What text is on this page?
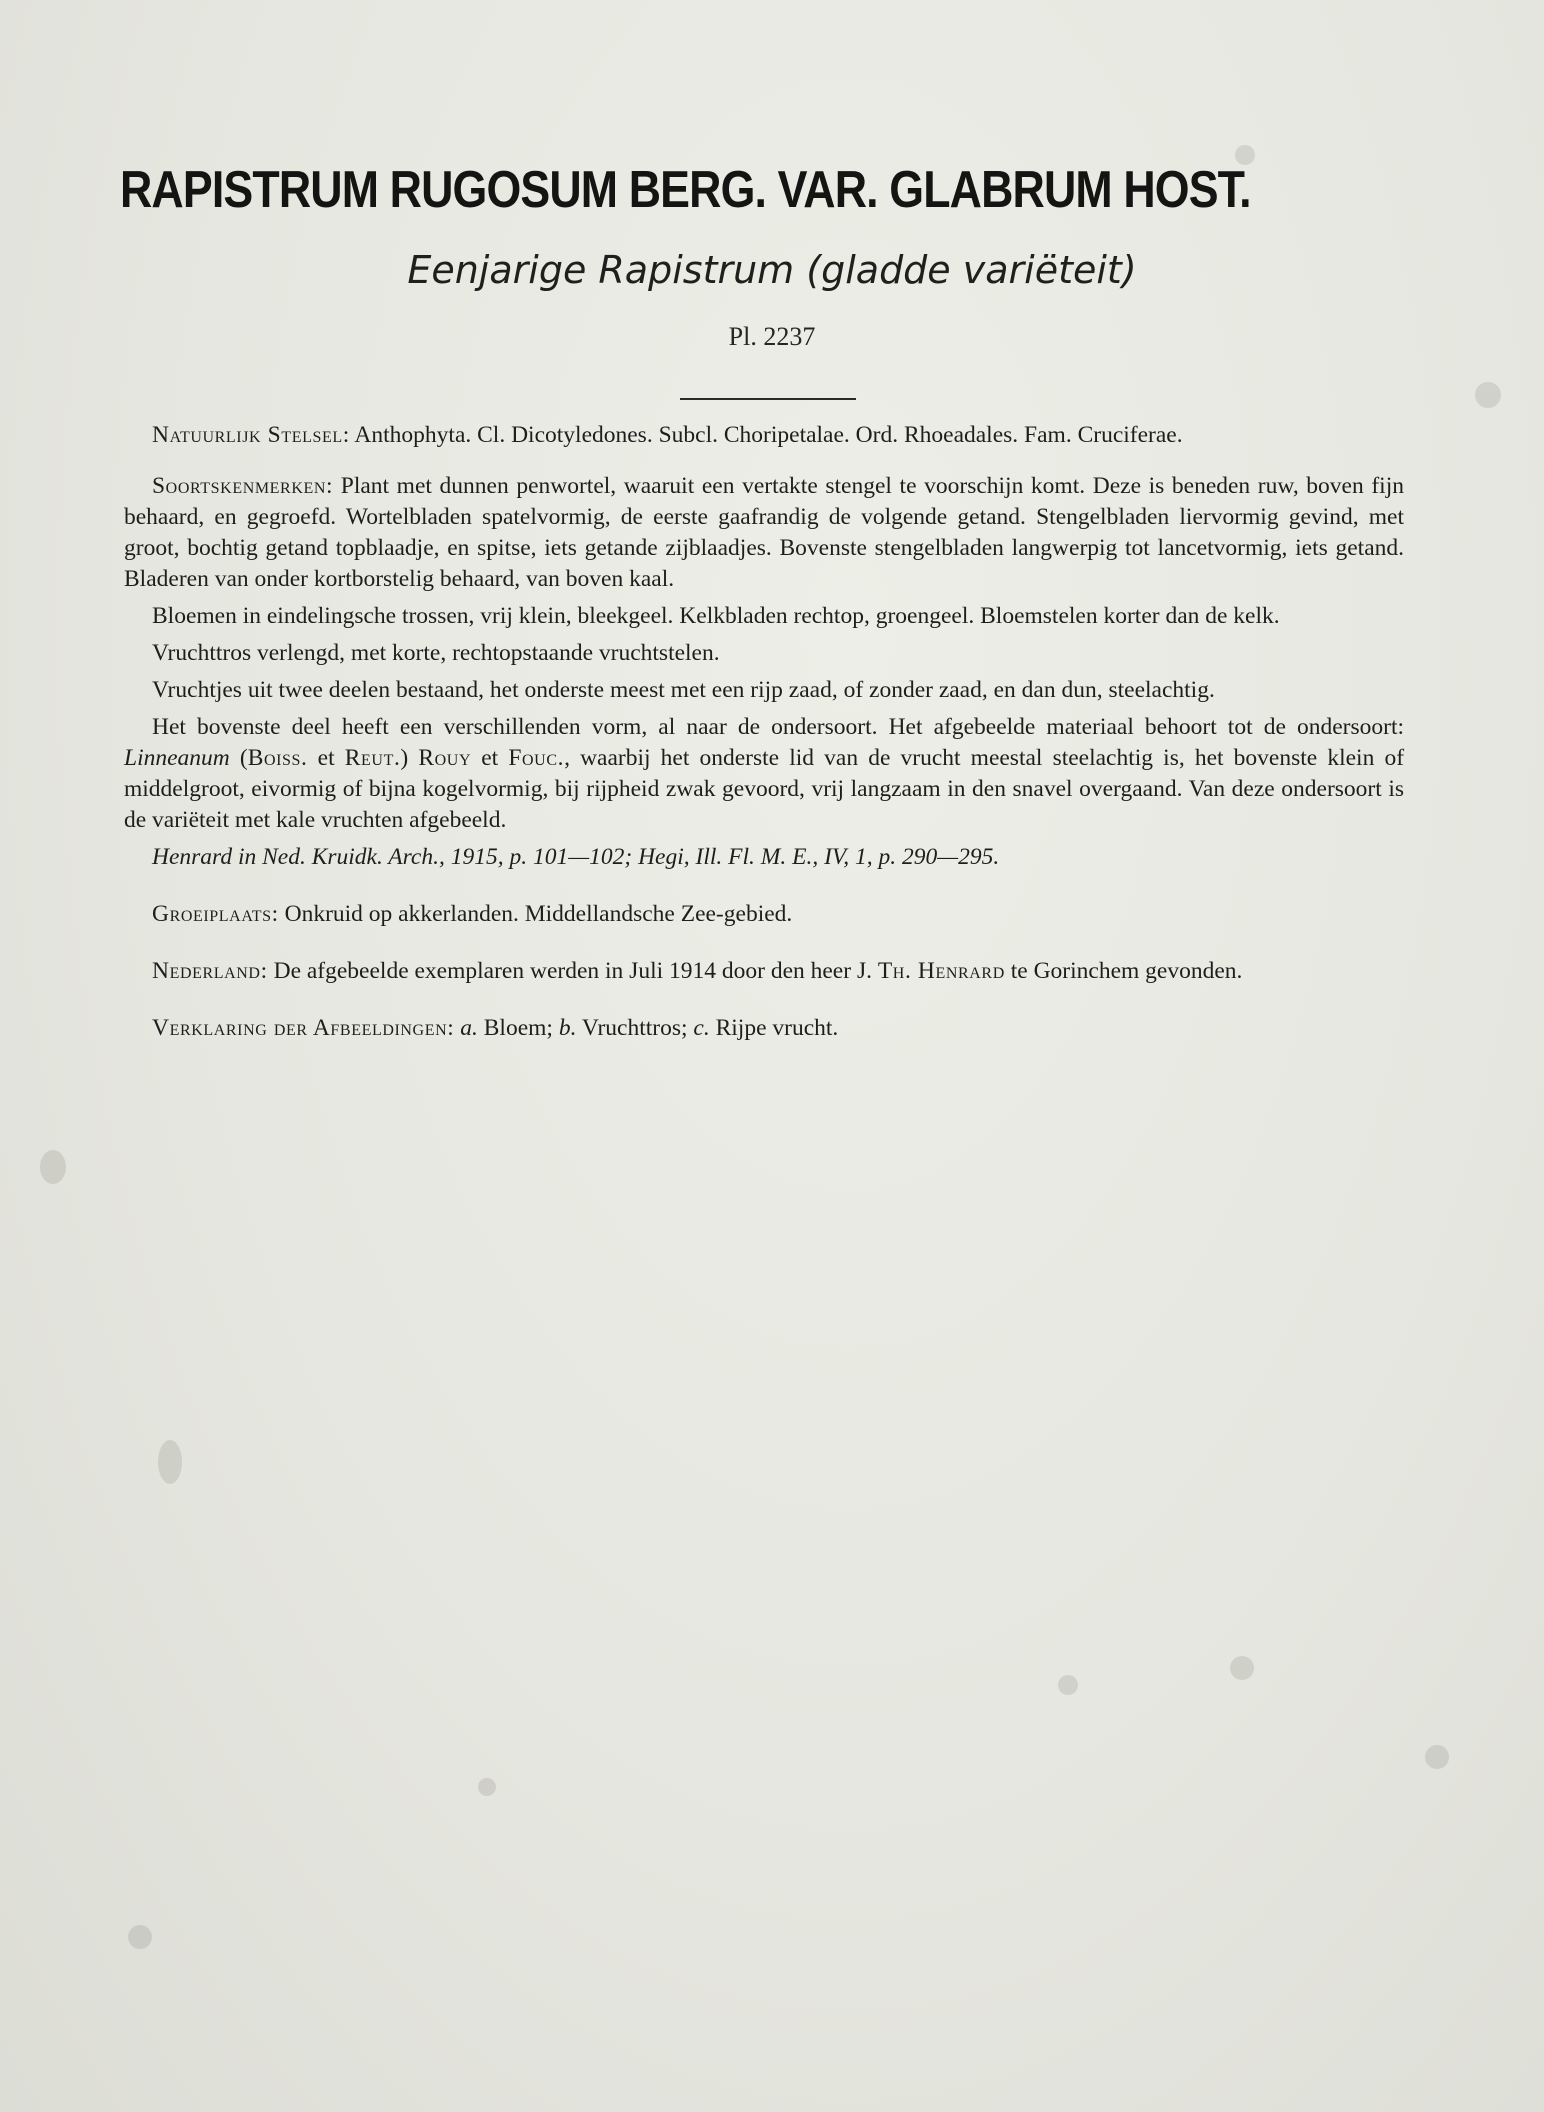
RAPISTRUM RUGOSUM BERG. VAR. GLABRUM HOST.
Eenjarige Rapistrum (gladde variëteit)
Pl. 2237

Natuurlijk Stelsel: Anthophyta. Cl. Dicotyledones. Subcl. Choripetalae. Ord. Rhoeadales. Fam. Cruciferae.

Soortskenmerken: Plant met dunnen penwortel, waaruit een vertakte stengel te voorschijn komt. Deze is beneden ruw, boven fijn behaard, en gegroefd. Wortelbladen spatelvormig, de eerste gaafrandig de volgende getand. Stengelbladen liervormig gevind, met groot, bochtig getand topblaadje, en spitse, iets getande zijblaadjes. Bovenste stengelbladen langwerpig tot lancetvormig, iets getand. Bladeren van onder kortborstelig behaard, van boven kaal.

Bloemen in eindelingsche trossen, vrij klein, bleekgeel. Kelkbladen rechtop, groengeel. Bloemstelen korter dan de kelk.

Vruchttros verlengd, met korte, rechtopstaande vruchtstelen.

Vruchtjes uit twee deelen bestaand, het onderste meest met een rijp zaad, of zonder zaad, en dan dun, steelachtig.

Het bovenste deel heeft een verschillenden vorm, al naar de ondersoort. Het afgebeelde materiaal behoort tot de ondersoort: Linneanum (Boiss. et Reut.) Rouy et Fouc., waarbij het onderste lid van de vrucht meestal steelachtig is, het bovenste klein of middelgroot, eivormig of bijna kogelvormig, bij rijpheid zwak gevoord, vrij langzaam in den snavel overgaand. Van deze ondersoort is de variëteit met kale vruchten afgebeeld.

Henrard in Ned. Kruidk. Arch., 1915, p. 101—102; Hegi, Ill. Fl. M. E., IV, 1, p. 290—295.

Groeiplaats: Onkruid op akkerlanden. Middellandsche Zee-gebied.

Nederland: De afgebeelde exemplaren werden in Juli 1914 door den heer J. Th. Henrard te Gorinchem gevonden.

Verklaring der Afbeeldingen: a. Bloem; b. Vruchttros; c. Rijpe vrucht.
